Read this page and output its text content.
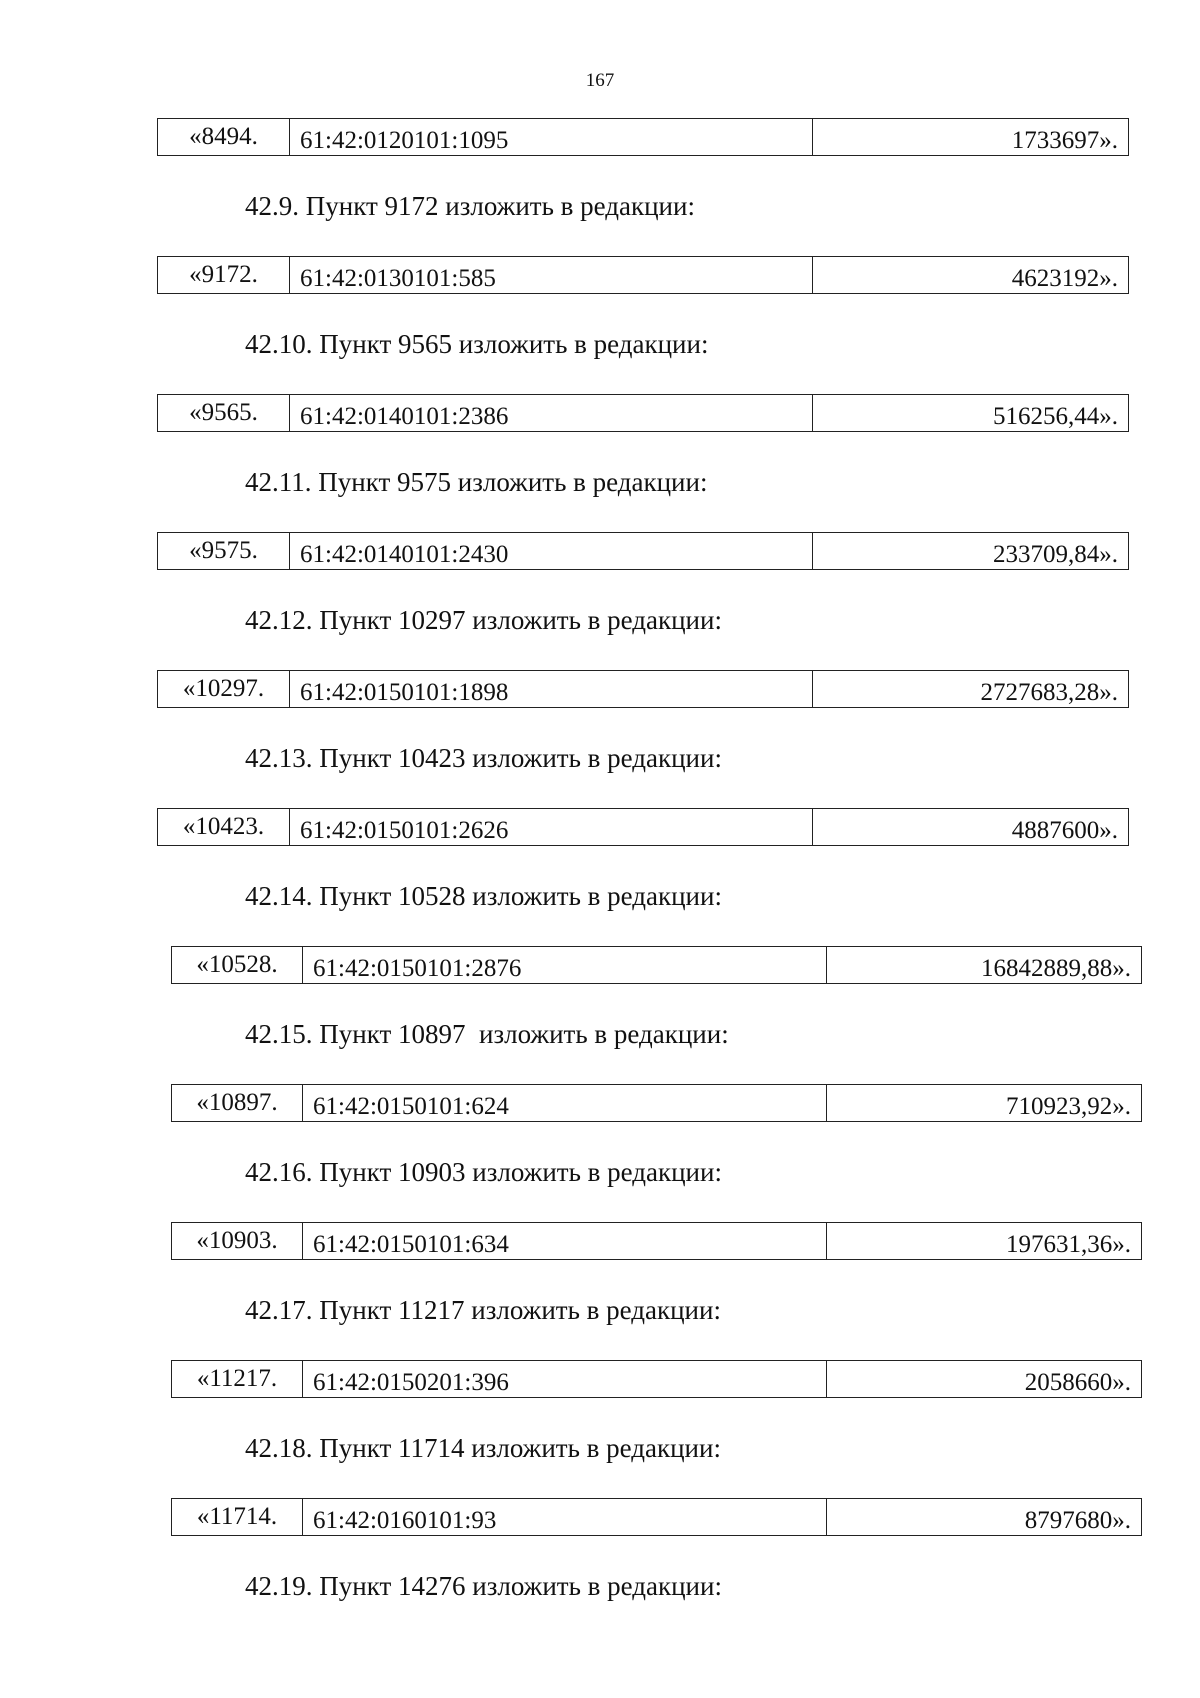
167
«8494.	61:42:0120101:1095	1733697».
42.9. Пункт 9172 изложить в редакции:
«9172.	61:42:0130101:585	4623192».
42.10. Пункт 9565 изложить в редакции:
«9565.	61:42:0140101:2386	516256,44».
42.11. Пункт 9575 изложить в редакции:
«9575.	61:42:0140101:2430	233709,84».
42.12. Пункт 10297 изложить в редакции:
«10297.	61:42:0150101:1898	2727683,28».
42.13. Пункт 10423 изложить в редакции:
«10423.	61:42:0150101:2626	4887600».
42.14. Пункт 10528 изложить в редакции:
«10528.	61:42:0150101:2876	16842889,88».
42.15. Пункт 10897  изложить в редакции:
«10897.	61:42:0150101:624	710923,92».
42.16. Пункт 10903 изложить в редакции:
«10903.	61:42:0150101:634	197631,36».
42.17. Пункт 11217 изложить в редакции:
«11217.	61:42:0150201:396	2058660».
42.18. Пункт 11714 изложить в редакции:
«11714.	61:42:0160101:93	8797680».
42.19. Пункт 14276 изложить в редакции:
